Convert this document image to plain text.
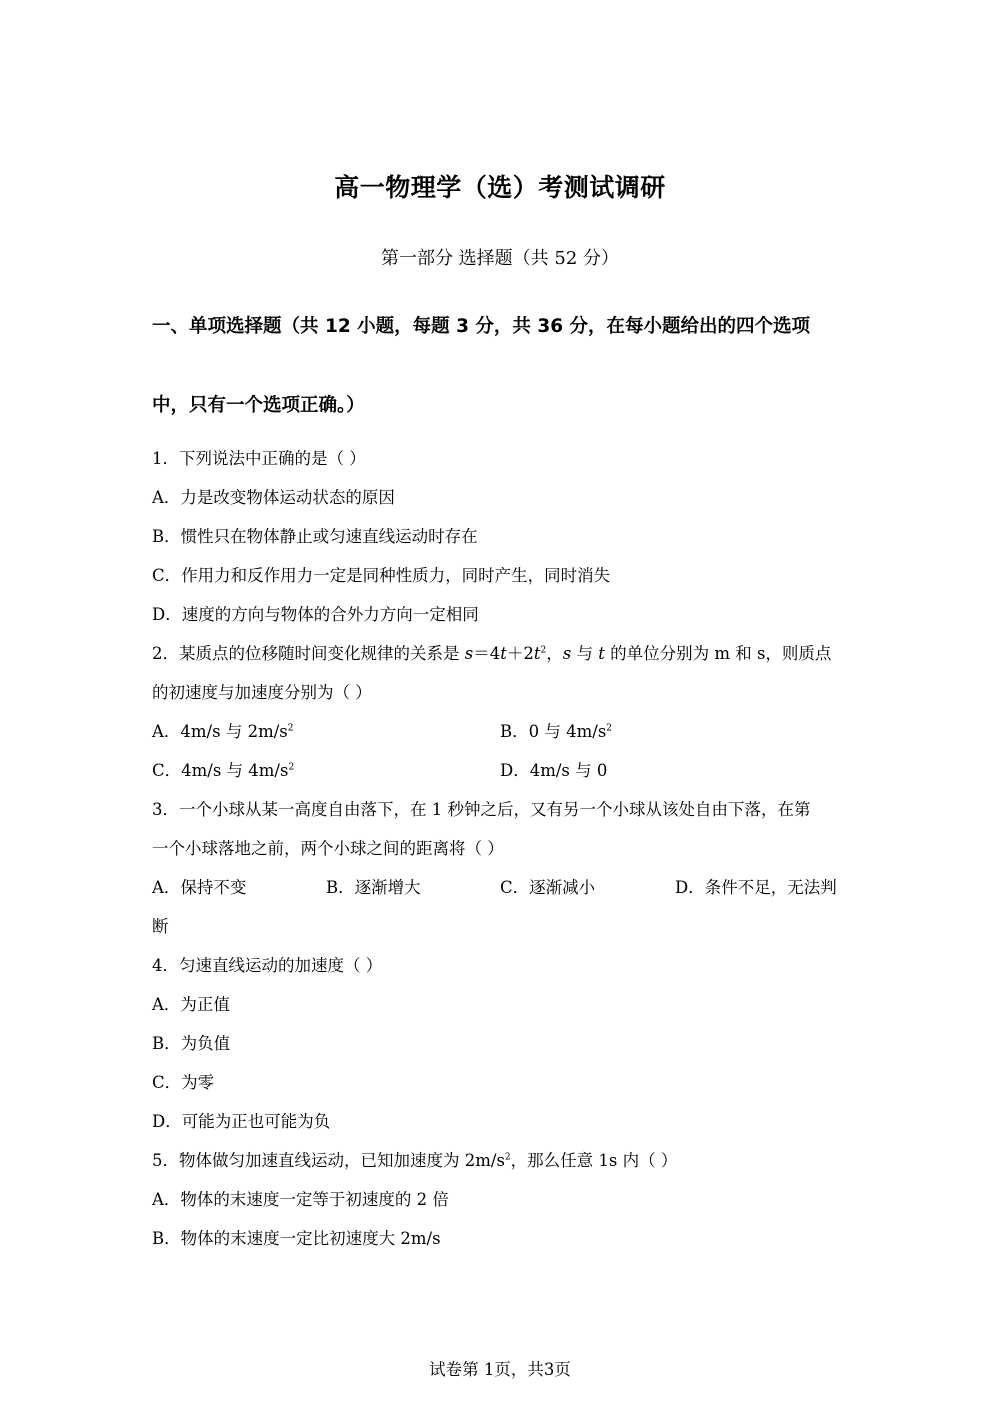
高一物理学（选）考测试调研
第一部分 选择题（共 52 分）
一、单项选择题（共 12 小题，每题 3 分，共 36 分，在每小题给出的四个选项
中，只有一个选项正确。）
1．下列说法中正确的是（ ）
A．力是改变物体运动状态的原因
B．惯性只在物体静止或匀速直线运动时存在
C．作用力和反作用力一定是同种性质力，同时产生，同时消失
D．速度的方向与物体的合外力方向一定相同
2．某质点的位移随时间变化规律的关系是 $s=4t+2t^2$，s 与 t 的单位分别为 m 和 s，则质点
的初速度与加速度分别为（ ）
A．4m/s 与 $2m/s^2$	B．0 与 $4m/s^2$
C．4m/s 与 $4m/s^2$	D．4m/s 与 0
3．一个小球从某一高度自由落下，在 1 秒钟之后，又有另一个小球从该处自由下落，在第
一个小球落地之前，两个小球之间的距离将（ ）
A．保持不变	B．逐渐增大	C．逐渐减小	D．条件不足，无法判
断
4．匀速直线运动的加速度（ ）
A．为正值
B．为负值
C．为零
D．可能为正也可能为负
5．物体做匀加速直线运动，已知加速度为 $2m/s^2$，那么任意 1s 内（ ）
A．物体的末速度一定等于初速度的 2 倍
B．物体的末速度一定比初速度大 2m/s
试卷第 1页，共3页
